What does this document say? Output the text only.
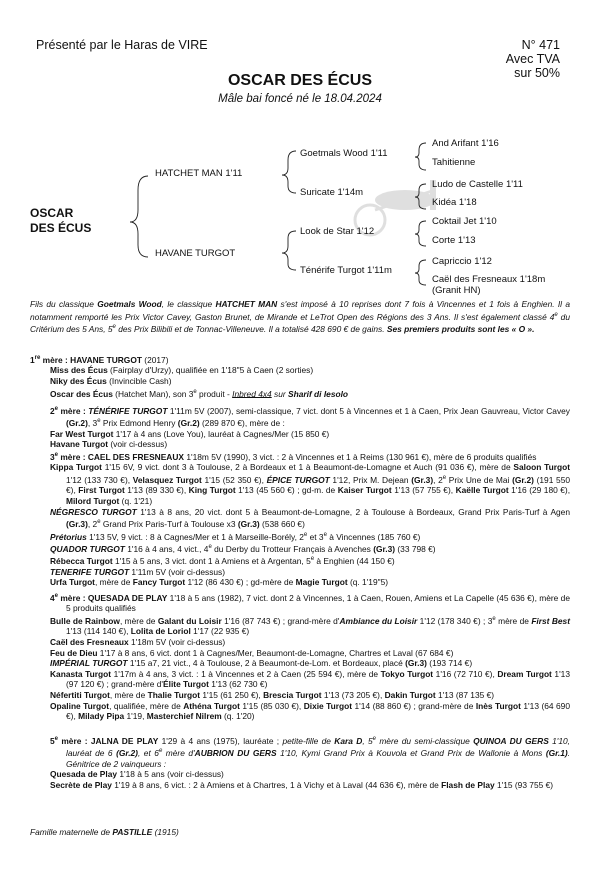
Présenté par le Haras de VIRE	N° 471
Avec TVA
sur 50%
OSCAR DES ÉCUS
Mâle bai foncé né le 18.04.2024
OSCAR
DES ÉCUS
HATCHET MAN 1'11
HAVANE TURGOT
Goetmals Wood 1'11
Suricate 1'14m
Look de Star 1'12
Ténérife Turgot 1'11m
And Arifant 1'16
Tahitienne
Ludo de Castelle 1'11
Kidéa 1'18
Coktail Jet 1'10
Corte 1'13
Capriccio 1'12
Caël des Fresneaux 1'18m
(Granit HN)
Fils du classique Goetmals Wood, le classique HATCHET MAN s'est imposé à 10 reprises dont 7 fois à Vincennes et 1 fois à Enghien. Il a notamment remporté les Prix Victor Cavey, Gaston Brunet, de Mirande et LeTrot Open des Régions des 3 Ans. Il s'est également classé 4e du Critérium des 5 Ans, 5e des Prix Bilibili et de Tonnac-Villeneuve. Il a totalisé 428 690 € de gains. Ses premiers produits sont les « O ».

1re mère : HAVANE TURGOT (2017)

Miss des Écus (Fairplay d'Urzy), qualifiée en 1'18"5 à Caen (2 sorties)

Niky des Écus (Invincible Cash)

Oscar des Écus (Hatchet Man), son 3e produit - Inbred 4x4 sur Sharif di Iesolo

2e mère : TÉNÉRIFE TURGOT 1'11m 5V (2007), semi-classique, 7 vict. dont 5 à Vincennes et 1 à Caen, Prix Jean Gauvreau, Victor Cavey (Gr.2), 3e Prix Edmond Henry (Gr.2) (289 870 €), mère de :

Far West Turgot 1'17 à 4 ans (Love You), lauréat à Cagnes/Mer (15 850 €)

Havane Turgot (voir ci-dessus)

3e mère : CAEL DES FRESNEAUX 1'18m 5V (1990), 3 vict. : 2 à Vincennes et 1 à Reims (130 961 €), mère de 6 produits qualifiés

Kippa Turgot 1'15 6V, 9 vict. dont 3 à Toulouse, 2 à Bordeaux et 1 à Beaumont-de-Lomagne et Auch (91 036 €), mère de Saloon Turgot 1'12 (133 730 €), Velasquez Turgot 1'15 (52 350 €), ÉPICE TURGOT 1'12, Prix M. Dejean (Gr.3), 2e Prix Une de Mai (Gr.2) (191 550 €), First Turgot 1'13 (89 330 €), King Turgot 1'13 (45 560 €) ; gd-m. de Kaiser Turgot 1'13 (57 755 €), Kaëlle Turgot 1'16 (29 180 €), Milord Turgot (q. 1'21)

NÉGRESCO TURGOT 1'13 à 8 ans, 20 vict. dont 5 à Beaumont-de-Lomagne, 2 à Toulouse à Bordeaux, Grand Prix Paris-Turf à Agen (Gr.3), 2e Grand Prix Paris-Turf à Toulouse x3 (Gr.3) (538 660 €)

Prétorius 1'13 5V, 9 vict. : 8 à Cagnes/Mer et 1 à Marseille-Borély, 2e et 3e à Vincennes (185 760 €)

QUADOR TURGOT 1'16 à 4 ans, 4 vict., 4e du Derby du Trotteur Français à Avenches (Gr.3) (33 798 €)

Rébecca Turgot 1'15 à 5 ans, 3 vict. dont 1 à Amiens et à Argentan, 5e à Enghien (44 150 €)

TENERIFE TURGOT 1'11m 5V (voir ci-dessus)

Urfa Turgot, mère de Fancy Turgot 1'12 (86 430 €) ; gd-mère de Magie Turgot (q. 1'19"5)

4e mère : QUESADA DE PLAY 1'18 à 5 ans (1982), 7 vict. dont 2 à Vincennes, 1 à Caen, Rouen, Amiens et La Capelle (45 636 €), mère de 5 produits qualifiés

Bulle de Rainbow, mère de Galant du Loisir 1'16 (87 743 €) ; grand-mère d'Ambiance du Loisir 1'12 (178 340 €) ; 3e mère de First Best 1'13 (114 140 €), Lolita de Loriol 1'17 (22 935 €)

Caël des Fresneaux 1'18m 5V (voir ci-dessus)

Feu de Dieu 1'17 à 8 ans, 6 vict. dont 1 à Cagnes/Mer, Beaumont-de-Lomagne, Chartres et Laval (67 684 €)

IMPÉRIAL TURGOT 1'15 a7, 21 vict., 4 à Toulouse, 2 à Beaumont-de-Lom. et Bordeaux, placé (Gr.3) (193 714 €)

Kanasta Turgot 1'17m à 4 ans, 3 vict. : 1 à Vincennes et 2 à Caen (25 594 €), mère de Tokyo Turgot 1'16 (72 710 €), Dream Turgot 1'13 (97 120 €) ; grand-mère d'Élite Turgot 1'13 (62 730 €)

Néfertiti Turgot, mère de Thalie Turgot 1'15 (61 250 €), Brescia Turgot 1'13 (73 205 €), Dakin Turgot 1'13 (87 135 €)

Opaline Turgot, qualifiée, mère de Athéna Turgot 1'15 (85 030 €), Dixie Turgot 1'14 (88 860 €) ; grand-mère de Inès Turgot 1'13 (64 690 €), Milady Pipa 1'19, Masterchief Nilrem (q. 1'20)

5e mère : JALNA DE PLAY 1'29 à 4 ans (1975), lauréate ; petite-fille de Kara D, 5e mère du semi-classique QUINOA DU GERS 1'10, lauréat de 6 (Gr.2), et 6e mère d'AUBRION DU GERS 1'10, Kymi Grand Prix à Kouvola et Grand Prix de Wallonie à Mons (Gr.1). Génitrice de 2 vainqueurs :

Quesada de Play 1'18 à 5 ans (voir ci-dessus)

Secrète de Play 1'19 à 8 ans, 6 vict. : 2 à Amiens et à Chartres, 1 à Vichy et à Laval (44 636 €), mère de Flash de Play 1'15 (93 755 €)

Famille maternelle de PASTILLE (1915)
